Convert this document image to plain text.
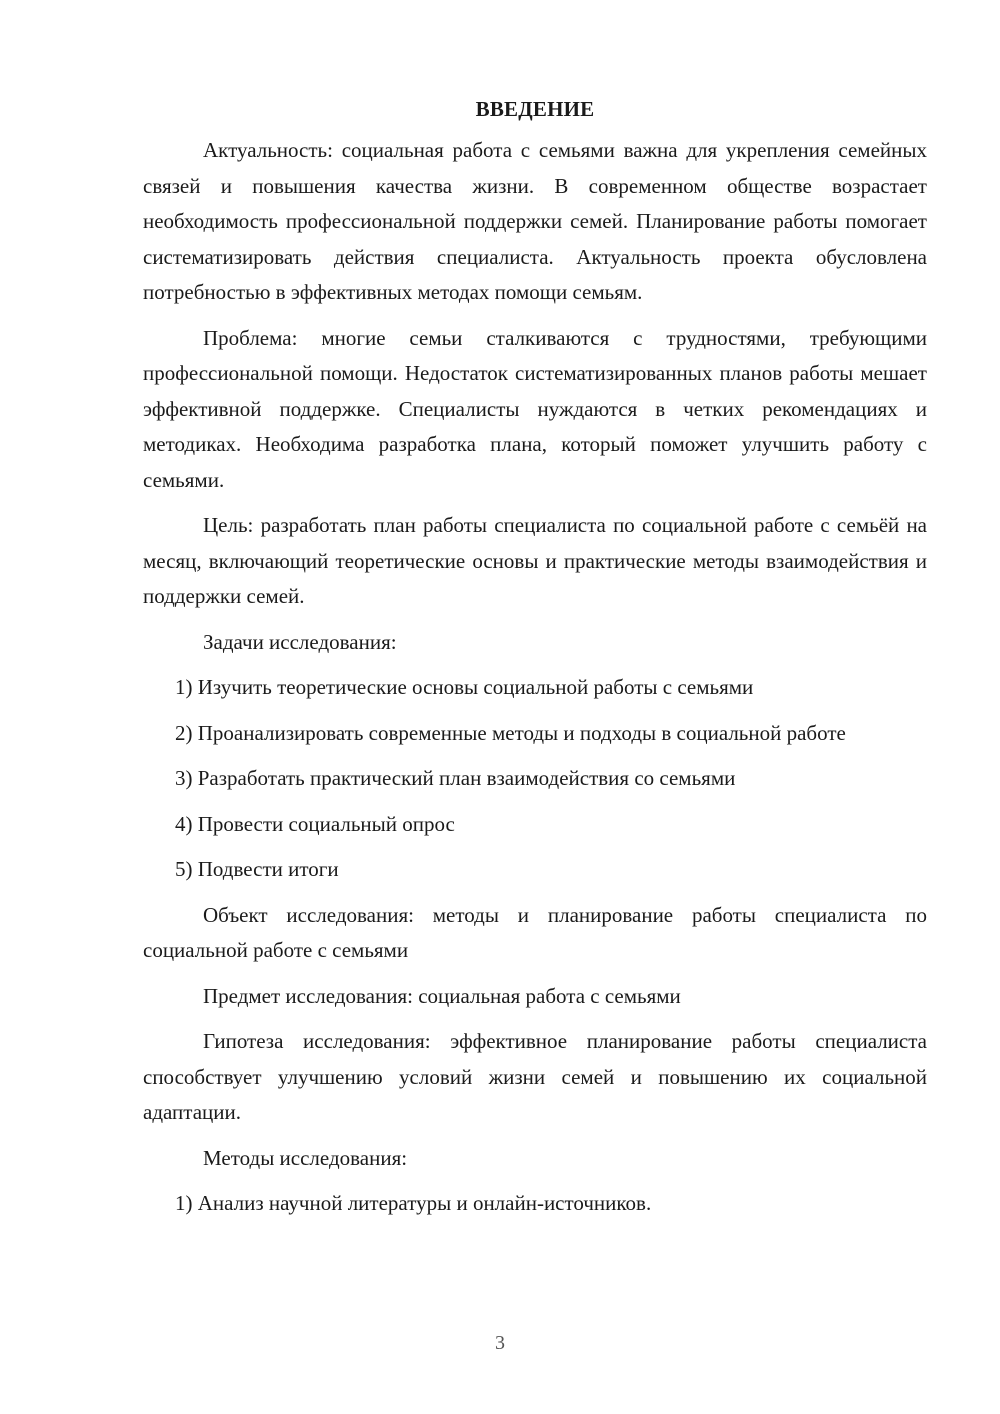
ВВЕДЕНИЕ

Актуальность: социальная работа с семьями важна для укрепления семейных связей и повышения качества жизни. В современном обществе возрастает необходимость профессиональной поддержки семей. Планирование работы помогает систематизировать действия специалиста. Актуальность проекта обусловлена потребностью в эффективных методах помощи семьям.

Проблема: многие семьи сталкиваются с трудностями, требующими профессиональной помощи. Недостаток систематизированных планов работы мешает эффективной поддержке. Специалисты нуждаются в четких рекомендациях и методиках. Необходима разработка плана, который поможет улучшить работу с семьями.

Цель: разработать план работы специалиста по социальной работе с семьёй на месяц, включающий теоретические основы и практические методы взаимодействия и поддержки семей.

Задачи исследования:

1) Изучить теоретические основы социальной работы с семьями

2) Проанализировать современные методы и подходы в социальной работе

3) Разработать практический план взаимодействия со семьями

4) Провести социальный опрос

5) Подвести итоги

Объект исследования: методы и планирование работы специалиста по социальной работе с семьями

Предмет исследования: социальная работа с семьями

Гипотеза исследования: эффективное планирование работы специалиста способствует улучшению условий жизни семей и повышению их социальной адаптации.

Методы исследования:

1) Анализ научной литературы и онлайн-источников.

3
